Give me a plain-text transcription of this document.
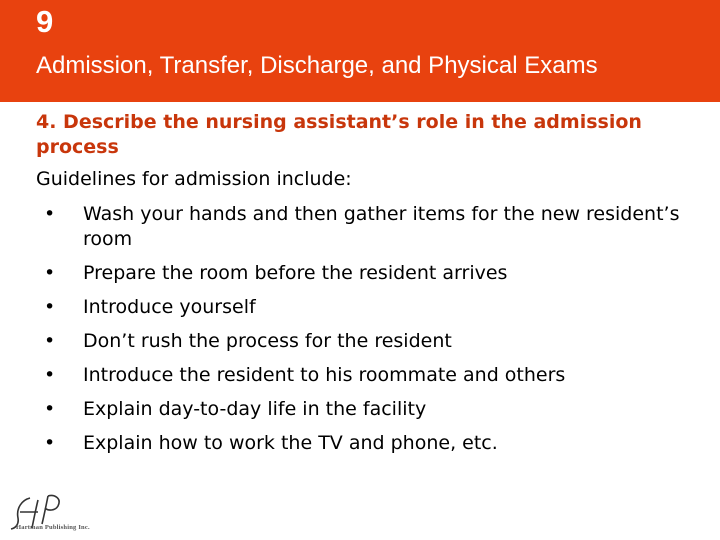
9
Admission, Transfer, Discharge, and Physical Exams
4. Describe the nursing assistant’s role in the admission process
Guidelines for admission include:
• Wash your hands and then gather items for the new resident’s room
• Prepare the room before the resident arrives
• Introduce yourself
• Don’t rush the process for the resident
• Introduce the resident to his roommate and others
• Explain day-to-day life in the facility
• Explain how to work the TV and phone, etc.
Hartman Publishing Inc.
